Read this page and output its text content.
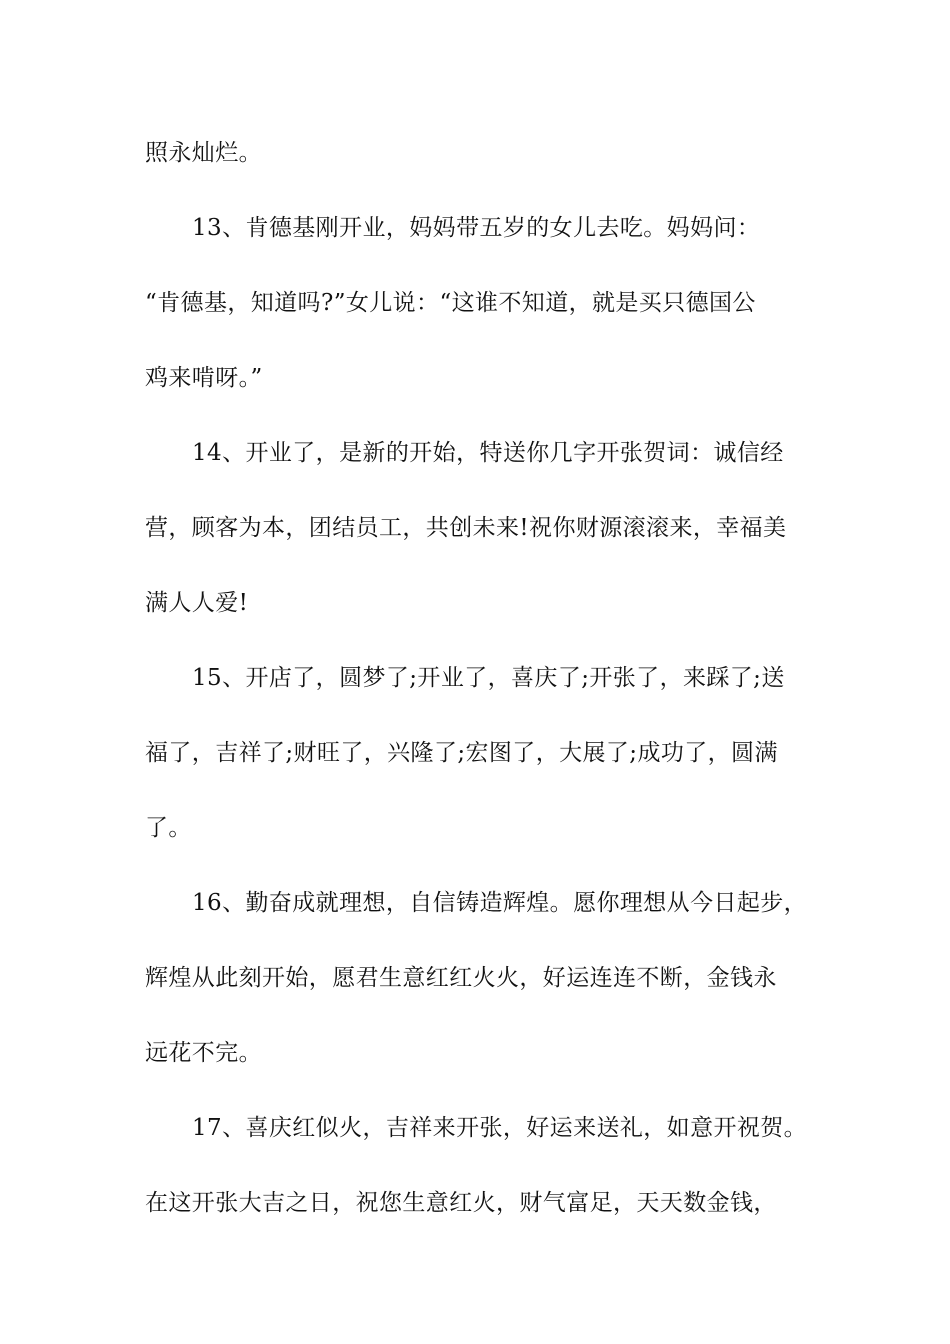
照永灿烂。
13、肯德基刚开业，妈妈带五岁的女儿去吃。妈妈问：
“肯德基，知道吗?”女儿说：“这谁不知道，就是买只德国公
鸡来啃呀。”
14、开业了，是新的开始，特送你几字开张贺词：诚信经
营，顾客为本，团结员工，共创未来!祝你财源滚滚来，幸福美
满人人爱!
15、开店了，圆梦了;开业了，喜庆了;开张了，来踩了;送
福了，吉祥了;财旺了，兴隆了;宏图了，大展了;成功了，圆满
了。
16、勤奋成就理想，自信铸造辉煌。愿你理想从今日起步，
辉煌从此刻开始，愿君生意红红火火，好运连连不断，金钱永
远花不完。
17、喜庆红似火，吉祥来开张，好运来送礼，如意开祝贺。
在这开张大吉之日，祝您生意红火，财气富足，天天数金钱，
